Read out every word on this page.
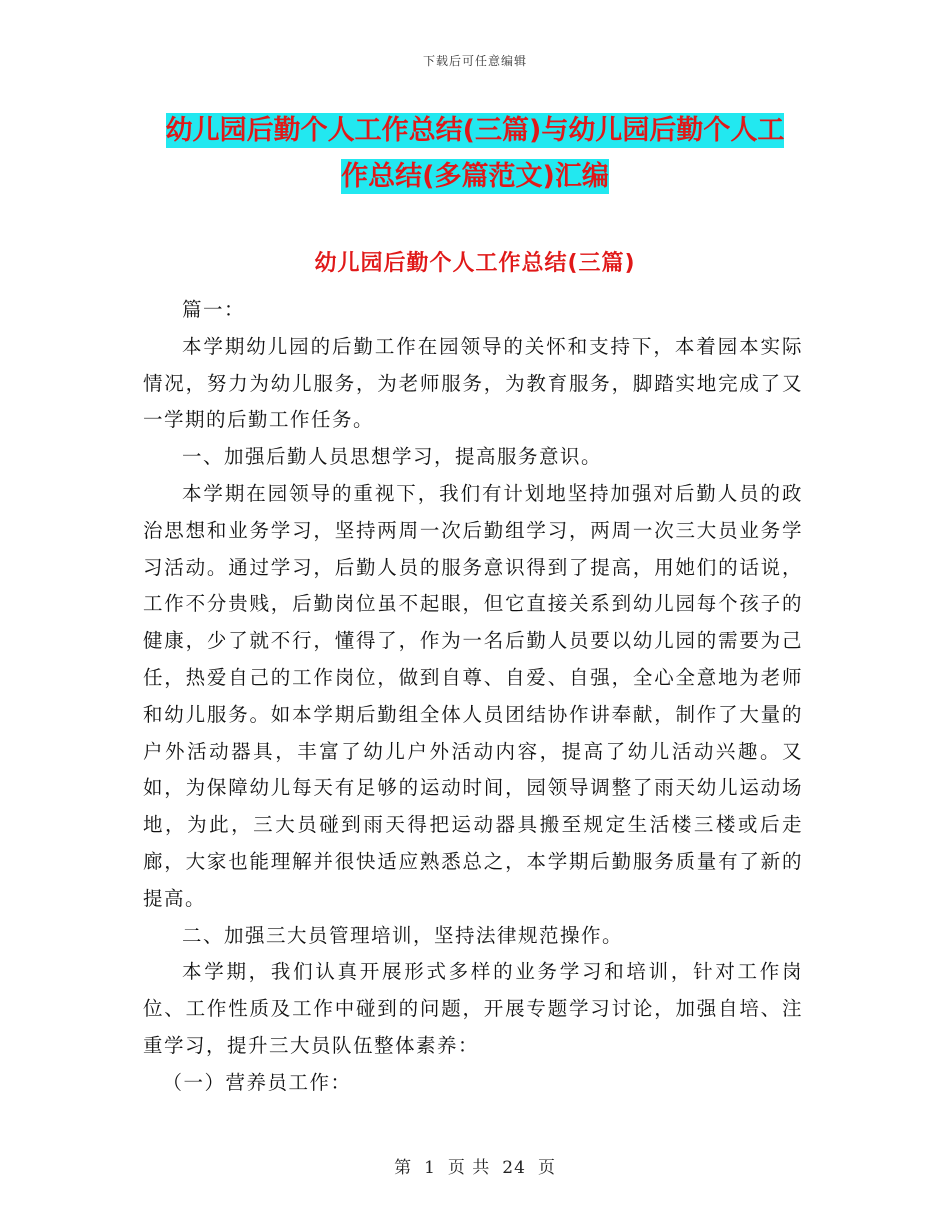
下载后可任意编辑
幼儿园后勤个人工作总结(三篇)与幼儿园后勤个人工
作总结(多篇范文)汇编
幼儿园后勤个人工作总结(三篇)

篇一：

本学期幼儿园的后勤工作在园领导的关怀和支持下，本着园本实际情况，努力为幼儿服务，为老师服务，为教育服务，脚踏实地完成了又一学期的后勤工作任务。

一、加强后勤人员思想学习，提高服务意识。

本学期在园领导的重视下，我们有计划地坚持加强对后勤人员的政治思想和业务学习，坚持两周一次后勤组学习，两周一次三大员业务学习活动。通过学习，后勤人员的服务意识得到了提高，用她们的话说，工作不分贵贱，后勤岗位虽不起眼，但它直接关系到幼儿园每个孩子的健康，少了就不行，懂得了，作为一名后勤人员要以幼儿园的需要为己任，热爱自己的工作岗位，做到自尊、自爱、自强，全心全意地为老师和幼儿服务。如本学期后勤组全体人员团结协作讲奉献，制作了大量的户外活动器具，丰富了幼儿户外活动内容，提高了幼儿活动兴趣。又如，为保障幼儿每天有足够的运动时间，园领导调整了雨天幼儿运动场地，为此，三大员碰到雨天得把运动器具搬至规定生活楼三楼或后走廊，大家也能理解并很快适应熟悉总之，本学期后勤服务质量有了新的提高。

二、加强三大员管理培训，坚持法律规范操作。

本学期，我们认真开展形式多样的业务学习和培训，针对工作岗位、工作性质及工作中碰到的问题，开展专题学习讨论，加强自培、注重学习，提升三大员队伍整体素养：

（一）营养员工作：

第 1 页 共 24 页
